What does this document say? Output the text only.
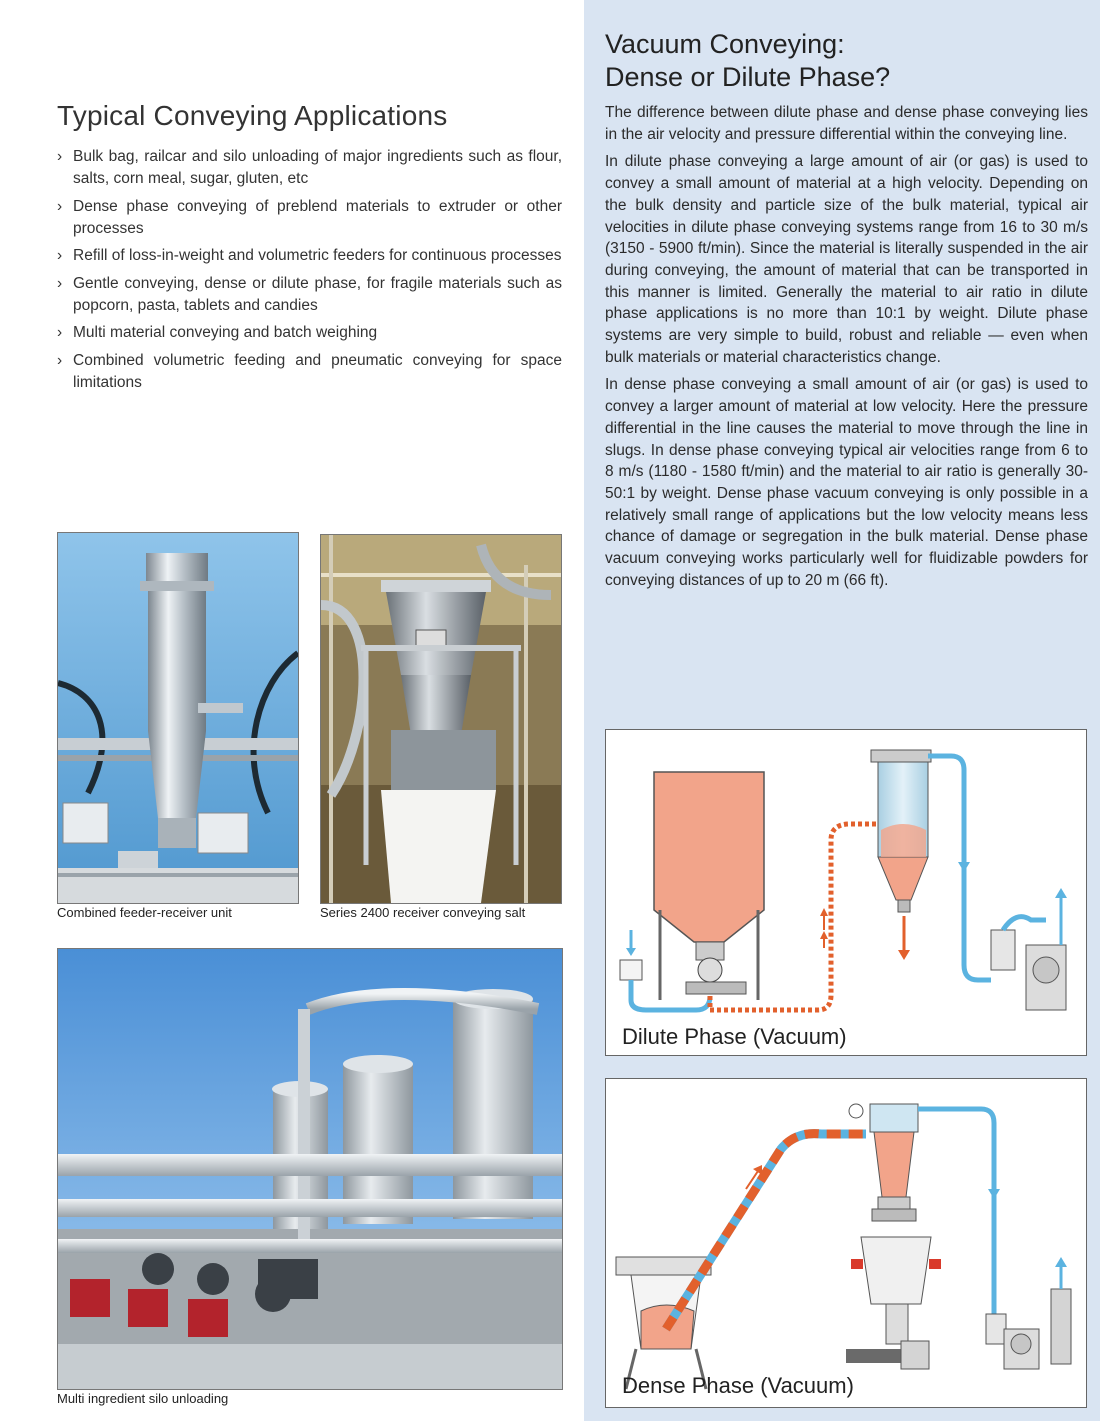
Typical Conveying Applications
› Bulk bag, railcar and silo unloading of major ingredients such as flour, salts, corn meal, sugar, gluten, etc
› Dense phase conveying of preblend materials to extruder or other processes
› Refill of loss-in-weight and volumetric feeders for continuous processes
› Gentle conveying, dense or dilute phase, for fragile materials such as popcorn, pasta, tablets and candies
› Multi material conveying and batch weighing
› Combined volumetric feeding and pneumatic conveying for space limitations
Combined feeder-receiver unit	Series 2400 receiver conveying salt
Multi ingredient silo unloading
Vacuum Conveying:
Dense or Dilute Phase?

The difference between dilute phase and dense phase conveying lies in the air velocity and pressure differential within the conveying line.

In dilute phase conveying a large amount of air (or gas) is used to convey a small amount of material at a high velocity. Depending on the bulk density and particle size of the bulk material, typical air velocities in dilute phase conveying systems range from 16 to 30 m/s (3150 - 5900 ft/min). Since the material is literally suspended in the air during conveying, the amount of material that can be transported in this manner is limited. Generally the material to air ratio in dilute phase applications is no more than 10:1 by weight. Dilute phase systems are very simple to build, robust and reliable — even when bulk materials or material characteristics change.

In dense phase conveying a small amount of air (or gas) is used to convey a larger amount of material at low velocity. Here the pressure differential in the line causes the material to move through the line in slugs. In dense phase conveying typical air velocities range from 6 to 8 m/s (1180 - 1580 ft/min) and the material to air ratio is generally 30-50:1 by weight. Dense phase vacuum conveying is only possible in a relatively small range of applications but the low velocity means less chance of damage or segregation in the bulk material. Dense phase vacuum conveying works particularly well for fluidizable powders for conveying distances of up to 20 m (66 ft).

Dilute Phase (Vacuum)
Dense Phase (Vacuum)
